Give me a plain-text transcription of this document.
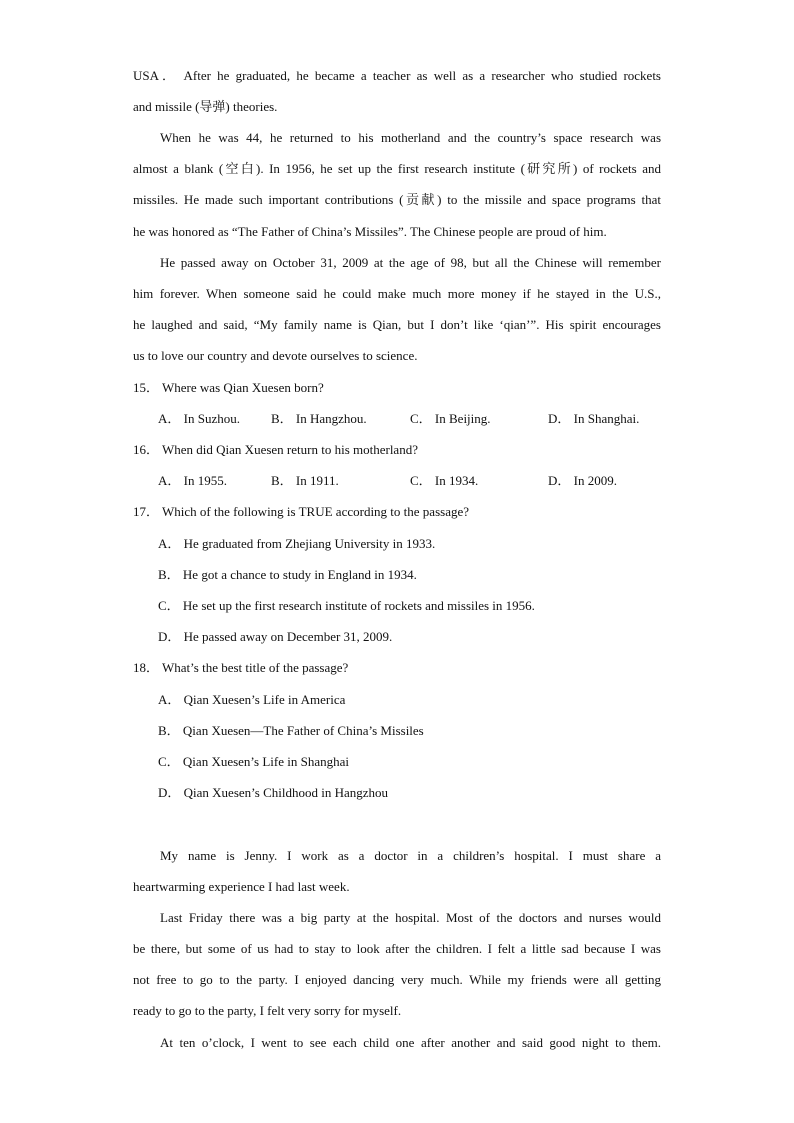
USA． After he graduated, he became a teacher as well as a researcher who studied rockets
and missile (导弹) theories.
When he was 44, he returned to his motherland and the country’s space research was
almost a blank (空白). In 1956, he set up the first research institute (研究所) of rockets and
missiles. He made such important contributions (贡献) to the missile and space programs that
he was honored as “The Father of China’s Missiles”. The Chinese people are proud of him.
He passed away on October 31, 2009 at the age of 98, but all the Chinese will remember
him forever. When someone said he could make much more money if he stayed in the U.S.,
he laughed and said, “My family name is Qian, but I don’t like ‘qian’”. His spirit encourages
us to love our country and devote ourselves to science.
15． Where was Qian Xuesen born?
A． In Suzhou. B． In Hangzhou.	C． In Beijing.	D． In Shanghai.
16． When did Qian Xuesen return to his motherland?
A． In 1955.	B． In 1911.	C． In 1934.	D． In 2009.
17． Which of the following is TRUE according to the passage?
A． He graduated from Zhejiang University in 1933.
B． He got a chance to study in England in 1934.
C． He set up the first research institute of rockets and missiles in 1956.
D． He passed away on December 31, 2009.
18． What’s the best title of the passage?
A． Qian Xuesen’s Life in America
B． Qian Xuesen—The Father of China’s Missiles
C． Qian Xuesen’s Life in Shanghai
D． Qian Xuesen’s Childhood in Hangzhou
My name is Jenny. I work as a doctor in a children’s hospital. I must share a
heartwarming experience I had last week.
Last Friday there was a big party at the hospital. Most of the doctors and nurses would
be there, but some of us had to stay to look after the children. I felt a little sad because I was
not free to go to the party. I enjoyed dancing very much. While my friends were all getting
ready to go to the party, I felt very sorry for myself.
At ten o’clock, I went to see each child one after another and said good night to them.
